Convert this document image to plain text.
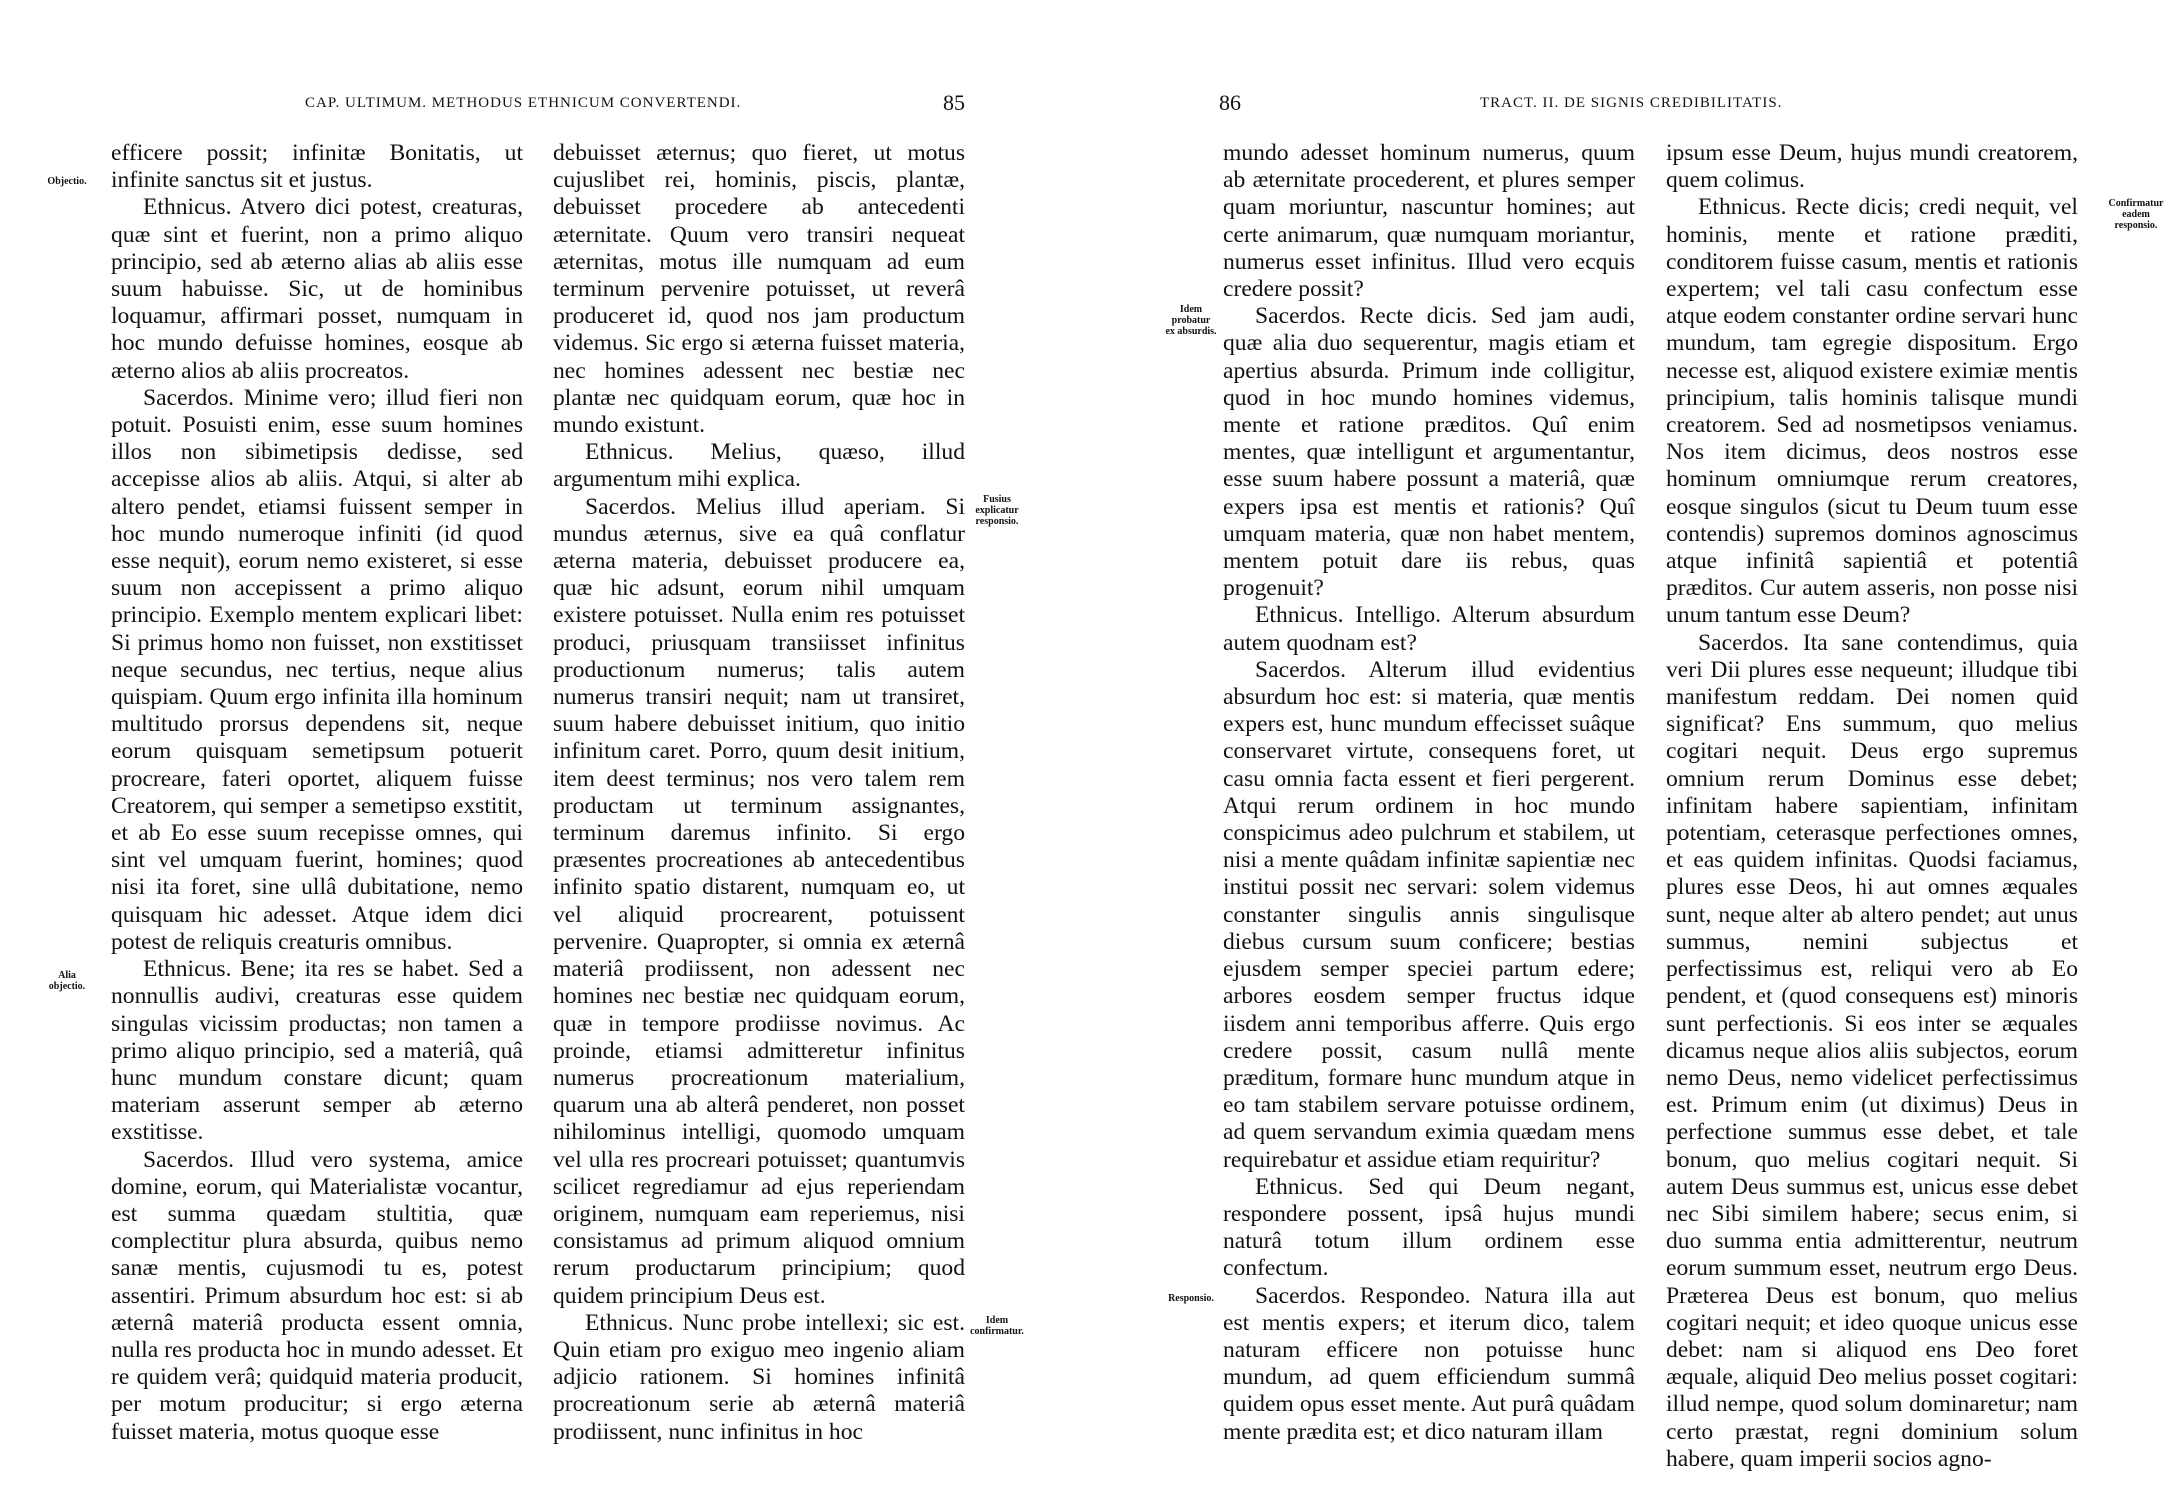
CAP. ULTIMUM. METHODUS ETHNICUM CONVERTENDI.	85
Objectio.
Alia
objectio.
Fusius
explicatur
responsio.
Idem
confirmatur.

efficere possit; infinitæ Bonitatis, ut infinite sanctus sit et justus.

Ethnicus. Atvero dici potest, creaturas, quæ sint et fuerint, non a primo aliquo principio, sed ab æterno alias ab aliis esse suum habuisse. Sic, ut de hominibus loquamur, affirmari posset, numquam in hoc mundo defuisse homines, eosque ab æterno alios ab aliis procreatos.

Sacerdos. Minime vero; illud fieri non potuit. Posuisti enim, esse suum homines illos non sibimetipsis dedisse, sed accepisse alios ab aliis. Atqui, si alter ab altero pendet, etiamsi fuissent semper in hoc mundo numeroque infiniti (id quod esse nequit), eorum nemo existeret, si esse suum non accepissent a primo aliquo principio. Exemplo mentem explicari libet: Si primus homo non fuisset, non exstitisset neque secundus, nec tertius, neque alius quispiam. Quum ergo infinita illa hominum multitudo prorsus dependens sit, neque eorum quisquam semetipsum potuerit procreare, fateri oportet, aliquem fuisse Creatorem, qui semper a semetipso exstitit, et ab Eo esse suum recepisse omnes, qui sint vel umquam fuerint, homines; quod nisi ita foret, sine ullâ dubitatione, nemo quisquam hic adesset. Atque idem dici potest de reliquis creaturis omnibus.

Ethnicus. Bene; ita res se habet. Sed a nonnullis audivi, creaturas esse quidem singulas vicissim productas; non tamen a primo aliquo principio, sed a materiâ, quâ hunc mundum constare dicunt; quam materiam asserunt semper ab æterno exstitisse.

Sacerdos. Illud vero systema, amice domine, eorum, qui Materialistæ vocantur, est summa quædam stultitia, quæ complectitur plura absurda, quibus nemo sanæ mentis, cujusmodi tu es, potest assentiri. Primum absurdum hoc est: si ab æternâ materiâ producta essent omnia, nulla res producta hoc in mundo adesset. Et re quidem verâ; quidquid materia producit, per motum producitur; si ergo æterna fuisset materia, motus quoque esse

debuisset æternus; quo fieret, ut motus cujuslibet rei, hominis, piscis, plantæ, debuisset procedere ab antecedenti æternitate. Quum vero transiri nequeat æternitas, motus ille numquam ad eum terminum pervenire potuisset, ut reverâ produceret id, quod nos jam productum videmus. Sic ergo si æterna fuisset materia, nec homines adessent nec bestiæ nec plantæ nec quidquam eorum, quæ hoc in mundo existunt.

Ethnicus. Melius, quæso, illud argumentum mihi explica.

Sacerdos. Melius illud aperiam. Si mundus æternus, sive ea quâ conflatur æterna materia, debuisset producere ea, quæ hic adsunt, eorum nihil umquam existere potuisset. Nulla enim res potuisset produci, priusquam transiisset infinitus productionum numerus; talis autem numerus transiri nequit; nam ut transiret, suum habere debuisset initium, quo initio infinitum caret. Porro, quum desit initium, item deest terminus; nos vero talem rem productam ut terminum assignantes, terminum daremus infinito. Si ergo præsentes procreationes ab antecedentibus infinito spatio distarent, numquam eo, ut vel aliquid procrearent, potuissent pervenire. Quapropter, si omnia ex æternâ materiâ prodiissent, non adessent nec homines nec bestiæ nec quidquam eorum, quæ in tempore prodiisse novimus. Ac proinde, etiamsi admitteretur infinitus numerus procreationum materialium, quarum una ab alterâ penderet, non posset nihilominus intelligi, quomodo umquam vel ulla res procreari potuisset; quantumvis scilicet regrediamur ad ejus reperiendam originem, numquam eam reperiemus, nisi consistamus ad primum aliquod omnium rerum productarum principium; quod quidem principium Deus est.

Ethnicus. Nunc probe intellexi; sic est. Quin etiam pro exiguo meo ingenio aliam adjicio rationem. Si homines infinitâ procreationum serie ab æternâ materiâ prodiissent, nunc infinitus in hoc

86	TRACT. II. DE SIGNIS CREDIBILITATIS.
Idem
probatur
ex absurdis.
Responsio.
Confirmatur
eadem
responsio.

mundo adesset hominum numerus, quum ab æternitate procederent, et plures semper quam moriuntur, nascuntur homines; aut certe animarum, quæ numquam moriantur, numerus esset infinitus. Illud vero ecquis credere possit?

Sacerdos. Recte dicis. Sed jam audi, quæ alia duo sequerentur, magis etiam et apertius absurda. Primum inde colligitur, quod in hoc mundo homines videmus, mente et ratione præditos. Quî enim mentes, quæ intelligunt et argumentantur, esse suum habere possunt a materiâ, quæ expers ipsa est mentis et rationis? Quî umquam materia, quæ non habet mentem, mentem potuit dare iis rebus, quas progenuit?

Ethnicus. Intelligo. Alterum absurdum autem quodnam est?

Sacerdos. Alterum illud evidentius absurdum hoc est: si materia, quæ mentis expers est, hunc mundum effecisset suâque conservaret virtute, consequens foret, ut casu omnia facta essent et fieri pergerent. Atqui rerum ordinem in hoc mundo conspicimus adeo pulchrum et stabilem, ut nisi a mente quâdam infinitæ sapientiæ nec institui possit nec servari: solem videmus constanter singulis annis singulisque diebus cursum suum conficere; bestias ejusdem semper speciei partum edere; arbores eosdem semper fructus idque iisdem anni temporibus afferre. Quis ergo credere possit, casum nullâ mente præditum, formare hunc mundum atque in eo tam stabilem servare potuisse ordinem, ad quem servandum eximia quædam mens requirebatur et assidue etiam requiritur?

Ethnicus. Sed qui Deum negant, respondere possent, ipsâ hujus mundi naturâ totum illum ordinem esse confectum.

Sacerdos. Respondeo. Natura illa aut est mentis expers; et iterum dico, talem naturam efficere non potuisse hunc mundum, ad quem efficiendum summâ quidem opus esset mente. Aut purâ quâdam mente prædita est; et dico naturam illam

ipsum esse Deum, hujus mundi creatorem, quem colimus.

Ethnicus. Recte dicis; credi nequit, vel hominis, mente et ratione præditi, conditorem fuisse casum, mentis et rationis expertem; vel tali casu confectum esse atque eodem constanter ordine servari hunc mundum, tam egregie dispositum. Ergo necesse est, aliquod existere eximiæ mentis principium, talis hominis talisque mundi creatorem. Sed ad nosmetipsos veniamus. Nos item dicimus, deos nostros esse hominum omniumque rerum creatores, eosque singulos (sicut tu Deum tuum esse contendis) supremos dominos agnoscimus atque infinitâ sapientiâ et potentiâ præditos. Cur autem asseris, non posse nisi unum tantum esse Deum?

Sacerdos. Ita sane contendimus, quia veri Dii plures esse nequeunt; illudque tibi manifestum reddam. Dei nomen quid significat? Ens summum, quo melius cogitari nequit. Deus ergo supremus omnium rerum Dominus esse debet; infinitam habere sapientiam, infinitam potentiam, ceterasque perfectiones omnes, et eas quidem infinitas. Quodsi faciamus, plures esse Deos, hi aut omnes æquales sunt, neque alter ab altero pendet; aut unus summus, nemini subjectus et perfectissimus est, reliqui vero ab Eo pendent, et (quod consequens est) minoris sunt perfectionis. Si eos inter se æquales dicamus neque alios aliis subjectos, eorum nemo Deus, nemo videlicet perfectissimus est. Primum enim (ut diximus) Deus in perfectione summus esse debet, et tale bonum, quo melius cogitari nequit. Si autem Deus summus est, unicus esse debet nec Sibi similem habere; secus enim, si duo summa entia admitterentur, neutrum eorum summum esset, neutrum ergo Deus. Præterea Deus est bonum, quo melius cogitari nequit; et ideo quoque unicus esse debet: nam si aliquod ens Deo foret æquale, aliquid Deo melius posset cogitari: illud nempe, quod solum dominaretur; nam certo præstat, regni dominium solum habere, quam imperii socios agno-
